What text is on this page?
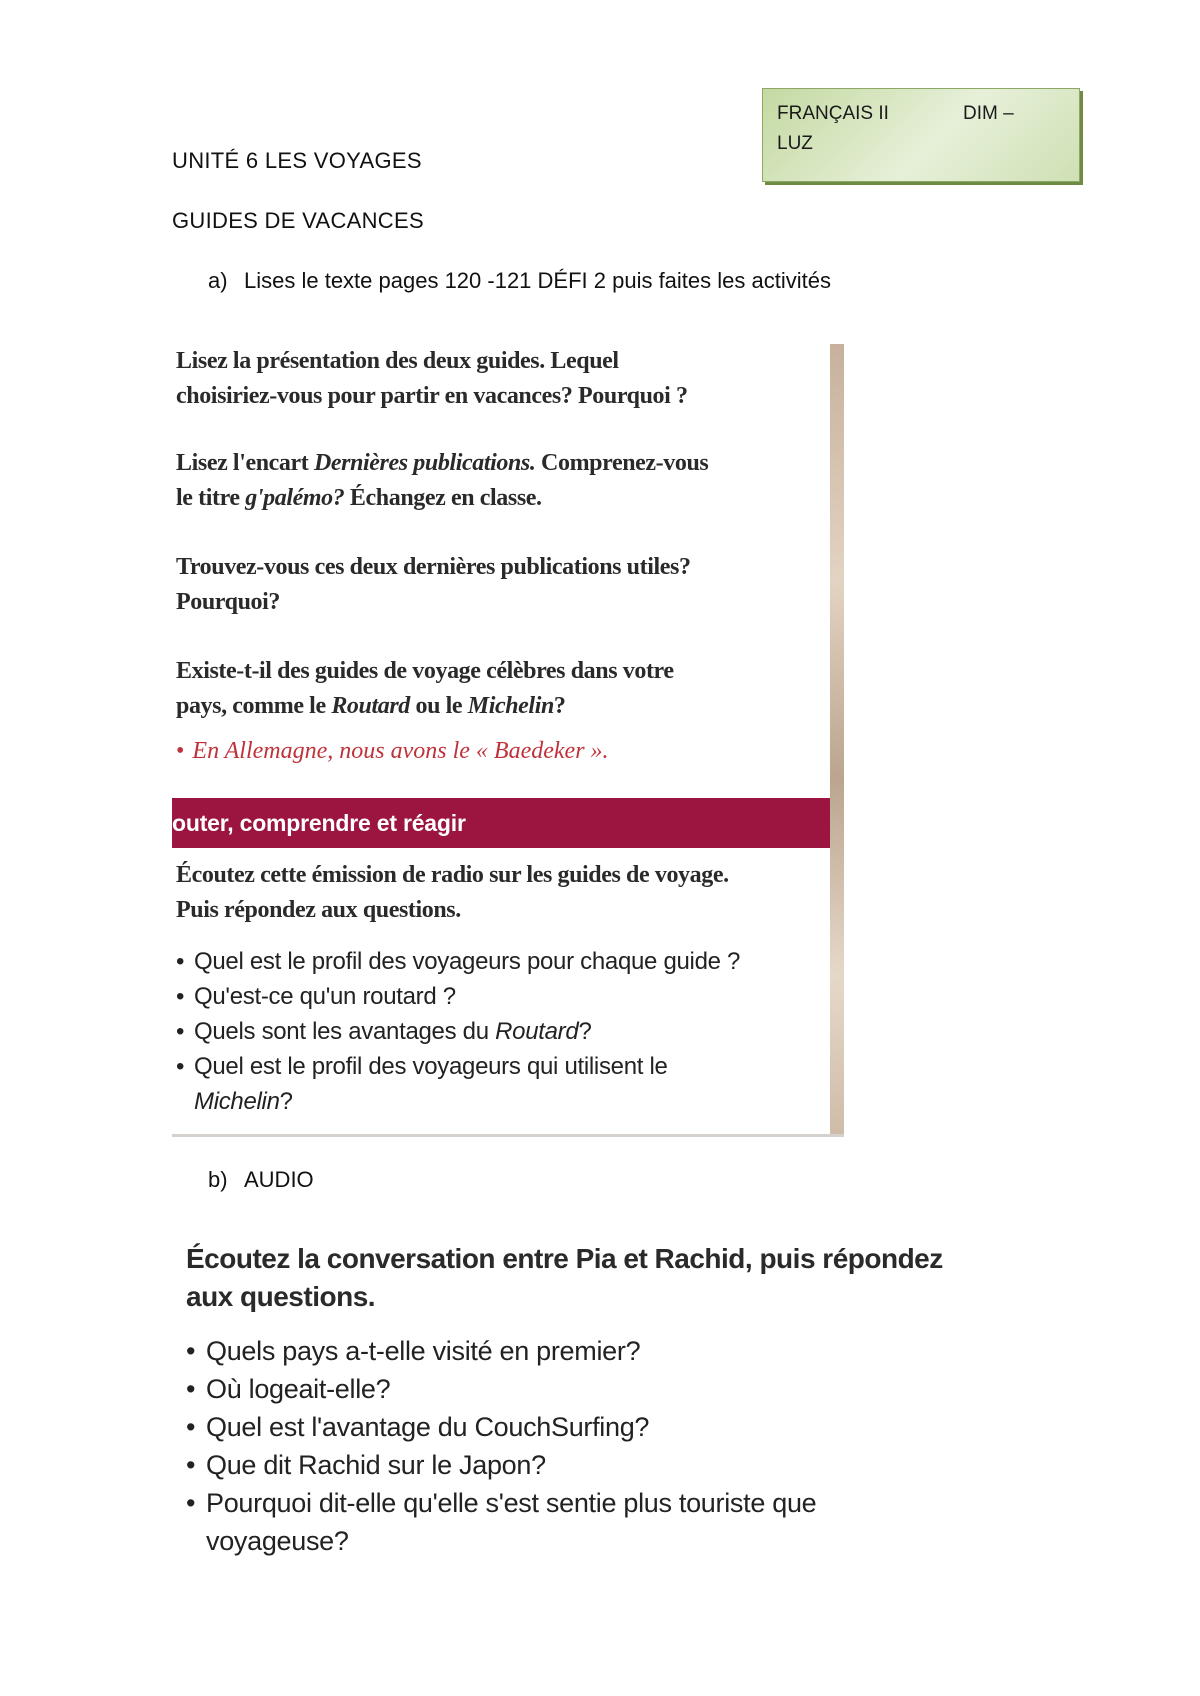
FRANÇAIS II	DIM –
LUZ
UNITÉ 6 LES VOYAGES
GUIDES DE VACANCES
a) Lises le texte pages 120 -121 DÉFI 2 puis faites les activités
Lisez la présentation des deux guides. Lequel
choisiriez-vous pour partir en vacances? Pourquoi ?
Lisez l'encart Dernières publications. Comprenez-vous
le titre g'palémo? Échangez en classe.
Trouvez-vous ces deux dernières publications utiles?
Pourquoi?
Existe-t-il des guides de voyage célèbres dans votre
pays, comme le Routard ou le Michelin?
• En Allemagne, nous avons le « Baedeker ».
outer, comprendre et réagir
Écoutez cette émission de radio sur les guides de voyage.
Puis répondez aux questions.
• Quel est le profil des voyageurs pour chaque guide ?
• Qu'est-ce qu'un routard ?
• Quels sont les avantages du Routard?
• Quel est le profil des voyageurs qui utilisent le
Michelin?
b) AUDIO
Écoutez la conversation entre Pia et Rachid, puis répondez
aux questions.
• Quels pays a-t-elle visité en premier?
• Où logeait-elle?
• Quel est l'avantage du CouchSurfing?
• Que dit Rachid sur le Japon?
• Pourquoi dit-elle qu'elle s'est sentie plus touriste que
voyageuse?
